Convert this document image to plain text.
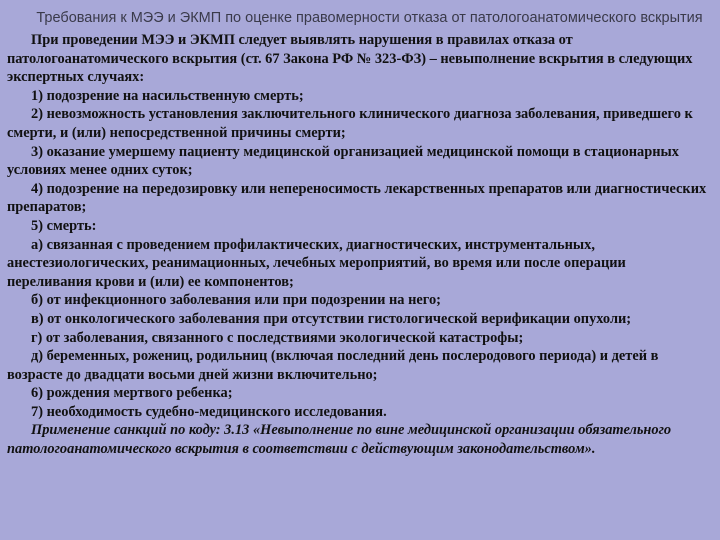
Требования к МЭЭ и ЭКМП по оценке правомерности отказа от патологоанатомического вскрытия

При проведении МЭЭ и ЭКМП следует выявлять нарушения в правилах отказа от патологоанатомического вскрытия (ст. 67 Закона РФ № 323-ФЗ) – невыполнение вскрытия в следующих экспертных случаях:

1) подозрение на насильственную смерть;

2) невозможность установления заключительного клинического диагноза заболевания, приведшего к смерти, и (или) непосредственной причины смерти;

3) оказание умершему пациенту медицинской организацией медицинской помощи в стационарных условиях менее одних суток;

4) подозрение на передозировку или непереносимость лекарственных препаратов или диагностических препаратов;

5) смерть:

а) связанная с проведением профилактических, диагностических, инструментальных, анестезиологических, реанимационных, лечебных мероприятий, во время или после операции переливания крови и (или) ее компонентов;

б) от инфекционного заболевания или при подозрении на него;

в) от онкологического заболевания при отсутствии гистологической верификации опухоли;

г) от заболевания, связанного с последствиями экологической катастрофы;

д) беременных, рожениц, родильниц (включая последний день послеродового периода) и детей в возрасте до двадцати восьми дней жизни включительно;

6) рождения мертвого ребенка;

7) необходимость судебно-медицинского исследования.

Применение санкций по коду: 3.13 «Невыполнение по вине медицинской организации обязательного патологоанатомического вскрытия в соответствии с действующим законодательством».
